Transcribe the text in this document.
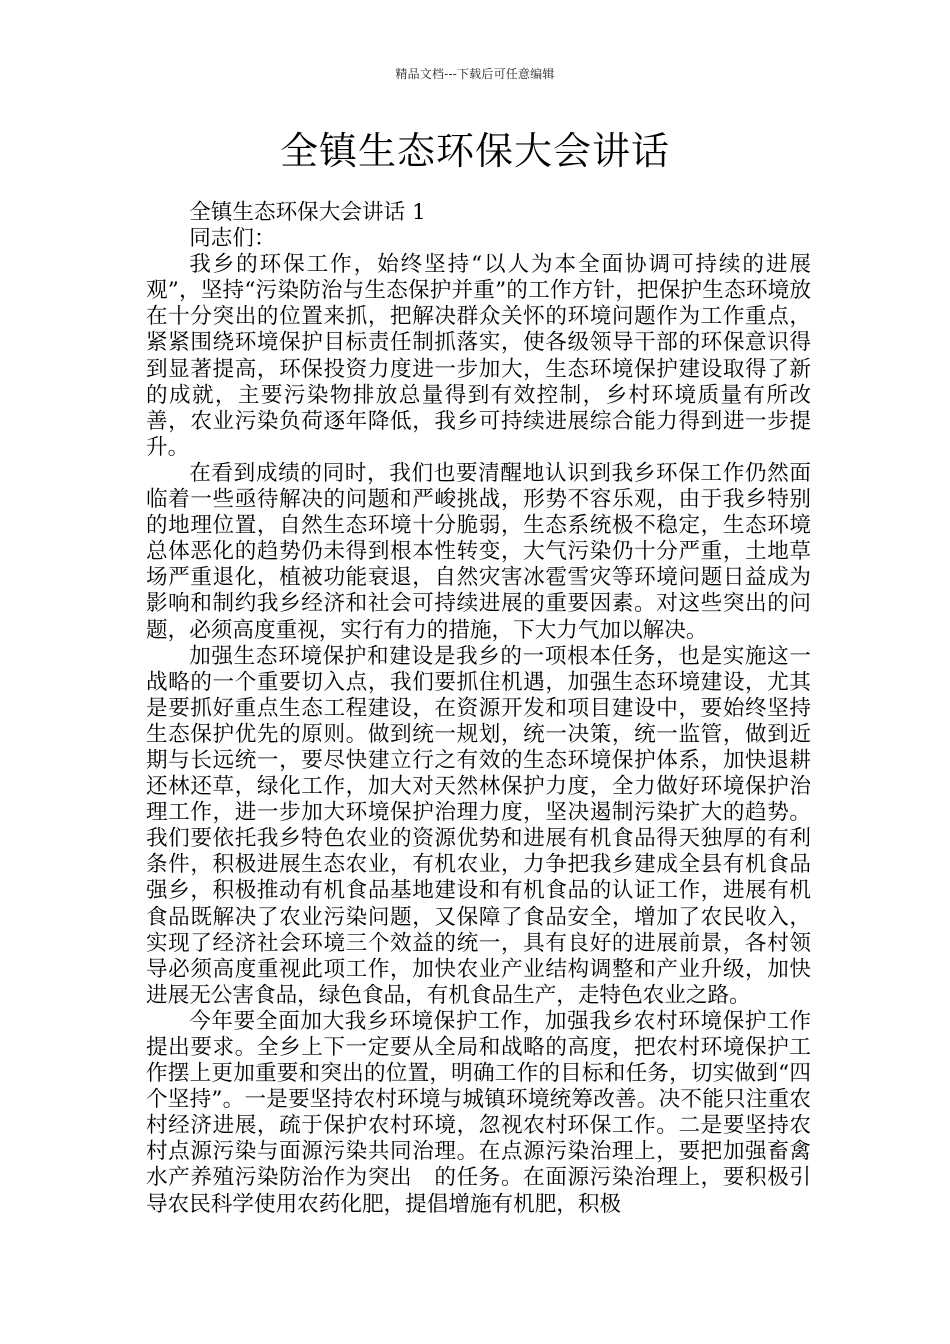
精品文档---下载后可任意编辑
全镇生态环保大会讲话

全镇生态环保大会讲话 1

同志们：

我乡的环保工作，始终坚持“以人为本全面协调可持续的进展观”，坚持“污染防治与生态保护并重”的工作方针，把保护生态环境放在十分突出的位置来抓，把解决群众关怀的环境问题作为工作重点，紧紧围绕环境保护目标责任制抓落实，使各级领导干部的环保意识得到显著提高，环保投资力度进一步加大，生态环境保护建设取得了新的成就，主要污染物排放总量得到有效控制，乡村环境质量有所改善，农业污染负荷逐年降低，我乡可持续进展综合能力得到进一步提升。

在看到成绩的同时，我们也要清醒地认识到我乡环保工作仍然面临着一些亟待解决的问题和严峻挑战，形势不容乐观，由于我乡特别的地理位置，自然生态环境十分脆弱，生态系统极不稳定，生态环境总体恶化的趋势仍未得到根本性转变，大气污染仍十分严重，土地草场严重退化，植被功能衰退，自然灾害冰雹雪灾等环境问题日益成为影响和制约我乡经济和社会可持续进展的重要因素。对这些突出的问题，必须高度重视，实行有力的措施，下大力气加以解决。

加强生态环境保护和建设是我乡的一项根本任务，也是实施这一战略的一个重要切入点，我们要抓住机遇，加强生态环境建设，尤其是要抓好重点生态工程建设，在资源开发和项目建设中，要始终坚持生态保护优先的原则。做到统一规划，统一决策，统一监管，做到近期与长远统一，要尽快建立行之有效的生态环境保护体系，加快退耕还林还草，绿化工作，加大对天然林保护力度，全力做好环境保护治理工作，进一步加大环境保护治理力度，坚决遏制污染扩大的趋势。我们要依托我乡特色农业的资源优势和进展有机食品得天独厚的有利条件，积极进展生态农业，有机农业，力争把我乡建成全县有机食品强乡，积极推动有机食品基地建设和有机食品的认证工作，进展有机食品既解决了农业污染问题，又保障了食品安全，增加了农民收入，实现了经济社会环境三个效益的统一，具有良好的进展前景，各村领导必须高度重视此项工作，加快农业产业结构调整和产业升级，加快进展无公害食品，绿色食品，有机食品生产，走特色农业之路。

今年要全面加大我乡环境保护工作，加强我乡农村环境保护工作提出要求。全乡上下一定要从全局和战略的高度，把农村环境保护工作摆上更加重要和突出的位置，明确工作的目标和任务，切实做到“四个坚持”。一是要坚持农村环境与城镇环境统筹改善。决不能只注重农村经济进展，疏于保护农村环境，忽视农村环保工作。二是要坚持农村点源污染与面源污染共同治理。在点源污染治理上，要把加强畜禽水产养殖污染防治作为突出　的任务。在面源污染治理上，要积极引导农民科学使用农药化肥，提倡增施有机肥，积极
